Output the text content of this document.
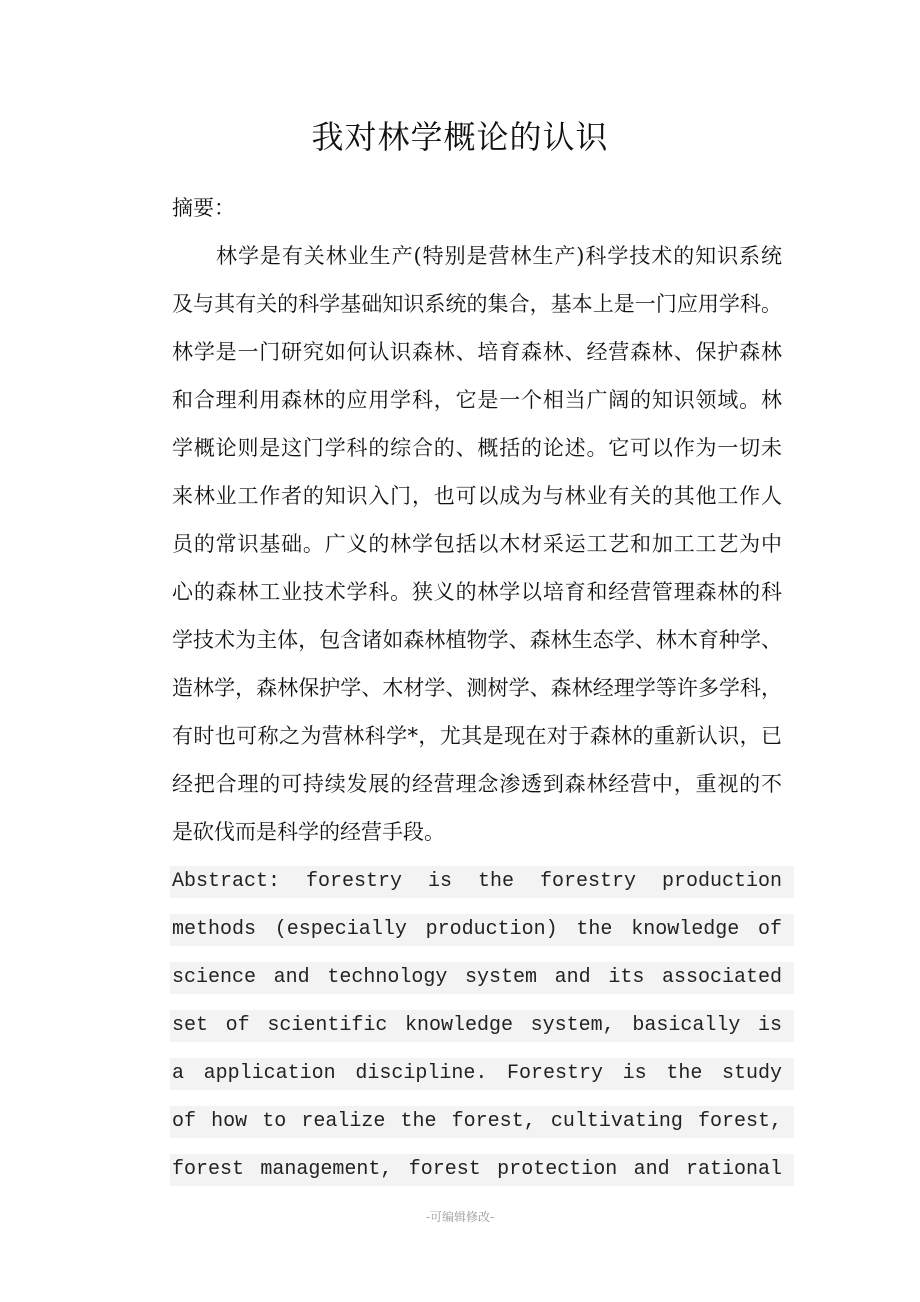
我对林学概论的认识
摘要：
林学是有关林业生产(特别是营林生产)科学技术的知识系统
及与其有关的科学基础知识系统的集合，基本上是一门应用学科。
林学是一门研究如何认识森林、培育森林、经营森林、保护森林
和合理利用森林的应用学科，它是一个相当广阔的知识领域。林
学概论则是这门学科的综合的、概括的论述。它可以作为一切未
来林业工作者的知识入门，也可以成为与林业有关的其他工作人
员的常识基础。广义的林学包括以木材采运工艺和加工工艺为中
心的森林工业技术学科。狭义的林学以培育和经营管理森林的科
学技术为主体，包含诸如森林植物学、森林生态学、林木育种学、
造林学，森林保护学、木材学、测树学、森林经理学等许多学科，
有时也可称之为营林科学*，尤其是现在对于森林的重新认识，已
经把合理的可持续发展的经营理念渗透到森林经营中，重视的不
是砍伐而是科学的经营手段。
Abstract: forestry is the forestry production
methods (especially production) the knowledge of
science and technology system and its associated
set of scientific knowledge system, basically is
a application discipline. Forestry is the study
of how to realize the forest, cultivating forest,
forest management, forest protection and rational
-可编辑修改-
